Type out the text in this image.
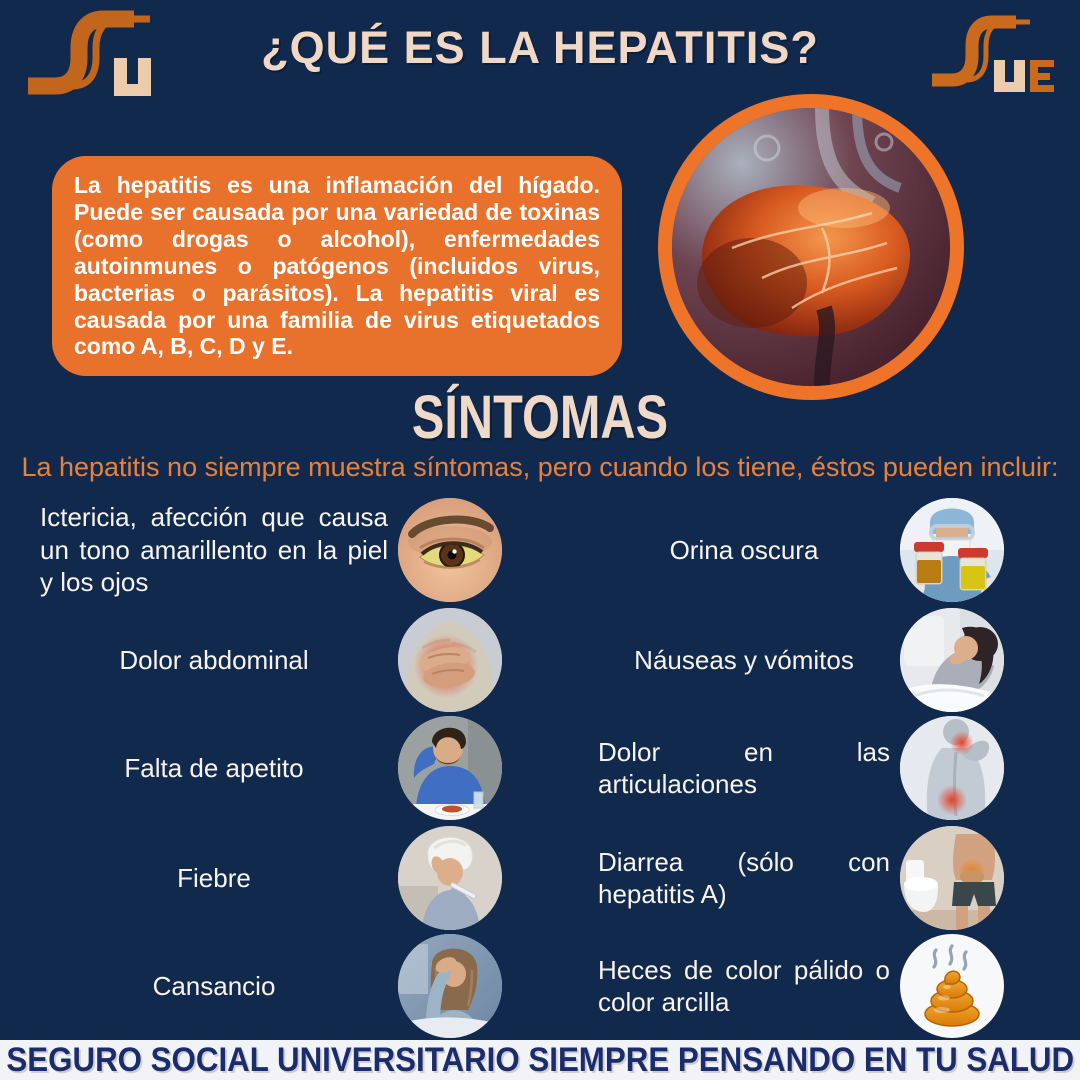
¿QUÉ ES LA HEPATITIS?
La hepatitis es una inflamación del hígado. Puede ser causada por una variedad de toxinas (como drogas o alcohol), enfermedades autoinmunes o patógenos (incluidos virus, bacterias o parásitos). La hepatitis viral es causada por una familia de virus etiquetados como A, B, C, D y E.
SÍNTOMAS
La hepatitis no siempre muestra síntomas, pero cuando los tiene, éstos pueden incluir:
Ictericia, afección que causa un tono amarillento en la piel y los ojos
Orina oscura
Dolor abdominal	Náuseas y vómitos
Falta de apetito
Dolor en las articulaciones
Fiebre
Diarrea (sólo con hepatitis A)
Cansancio
Heces de color pálido o color arcilla
SEGURO SOCIAL UNIVERSITARIO SIEMPRE PENSANDO EN TU SALUD
